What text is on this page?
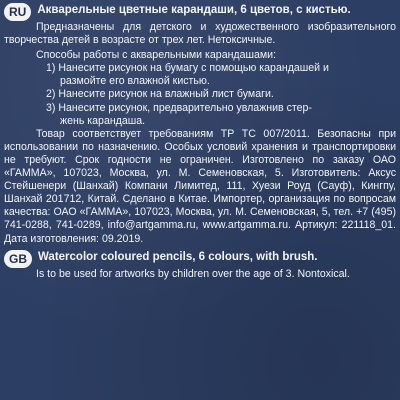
RU Акварельные цветные карандаши, 6 цветов, с кистью.

Предназначены для детского и художественного изобразительного творчества детей в возрасте от трех лет. Нетоксичные.

Способы работы с акварельными карандашами:

1) Нанесите рисунок на бумагу с помощью карандашей и
размойте его влажной кистью.
2) Нанесите рисунок на влажный лист бумаги.
3) Нанесите рисунок, предварительно увлажнив стер-
жень карандаша.

Товар соответствует требованиям ТР ТС 007/2011. Безопасны при использовании по назначению. Особых условий хранения и транспортировки не требуют. Срок годности не ограничен. Изготовлено по заказу ОАО «ГАММА», 107023, Москва, ул. М. Семеновская, 5. Изготовитель: Аксус Стейшенери (Шанхай) Компани Лимитед, 111, Хуези Роуд (Сауф), Кингпу, Шанхай 201712, Китай. Сделано в Китае. Импортер, организация по вопросам качества: ОАО «ГАММА», 107023, Москва, ул. М. Семеновская, 5, тел. +7 (495) 741-0288, 741-0289, info@artgamma.ru, www.artgamma.ru. Артикул: 221118_01. Дата изготовления: 09.2019.

GB Watercolor coloured pencils, 6 colours, with brush.

Is to be used for artworks by children over the age of 3. Nontoxical.
